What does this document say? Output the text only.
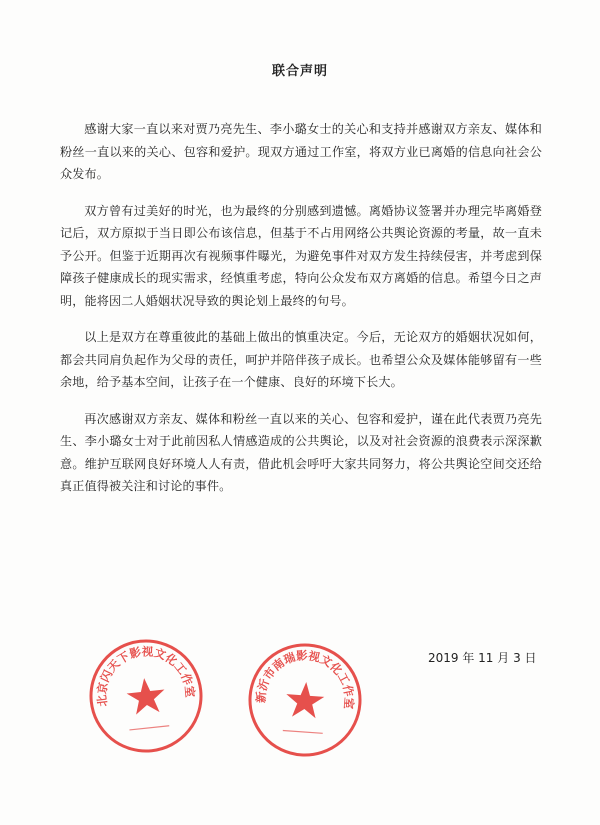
联合声明

感谢大家一直以来对贾乃亮先生、李小璐女士的关心和支持并感谢双方亲友、媒体和粉丝一直以来的关心、包容和爱护。现双方通过工作室，将双方业已离婚的信息向社会公众发布。

双方曾有过美好的时光，也为最终的分别感到遗憾。离婚协议签署并办理完毕离婚登记后，双方原拟于当日即公布该信息，但基于不占用网络公共舆论资源的考量，故一直未予公开。但鉴于近期再次有视频事件曝光，为避免事件对双方发生持续侵害，并考虑到保障孩子健康成长的现实需求，经慎重考虑，特向公众发布双方离婚的信息。希望今日之声明，能将因二人婚姻状况导致的舆论划上最终的句号。

以上是双方在尊重彼此的基础上做出的慎重决定。今后，无论双方的婚姻状况如何，都会共同肩负起作为父母的责任，呵护并陪伴孩子成长。也希望公众及媒体能够留有一些余地，给予基本空间，让孩子在一个健康、良好的环境下长大。

再次感谢双方亲友、媒体和粉丝一直以来的关心、包容和爱护，谨在此代表贾乃亮先生、李小璐女士对于此前因私人情感造成的公共舆论，以及对社会资源的浪费表示深深歉意。维护互联网良好环境人人有责，借此机会呼吁大家共同努力，将公共舆论空间交还给真正值得被关注和讨论的事件。

2019 年 11 月 3 日
北京闪天下影视文化工作室	新沂市南瑞影视文化工作室
